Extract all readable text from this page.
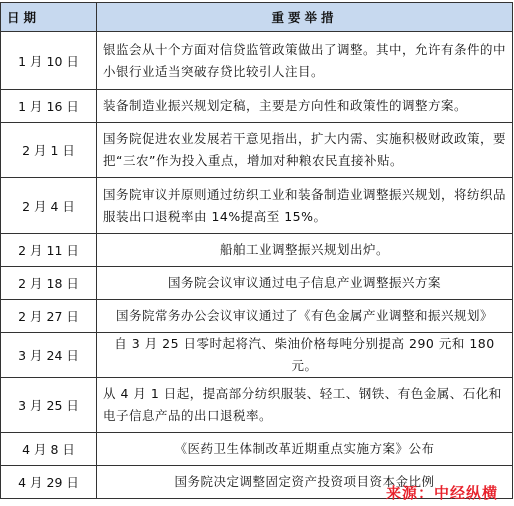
日期	重要举措
1 月 10 日	银监会从十个方面对信贷监管政策做出了调整。其中，允许有条件的中小银行业适当突破存贷比较引人注目。
1 月 16 日	装备制造业振兴规划定稿，主要是方向性和政策性的调整方案。
2 月 1 日	国务院促进农业发展若干意见指出，扩大内需、实施积极财政政策，要把“三农”作为投入重点，增加对种粮农民直接补贴。
2 月 4 日	国务院审议并原则通过纺织工业和装备制造业调整振兴规划，将纺织品服装出口退税率由 14%提高至 15%。
2 月 11 日	船舶工业调整振兴规划出炉。
2 月 18 日	国务院会议审议通过电子信息产业调整振兴方案
2 月 27 日	国务院常务办公会议审议通过了《有色金属产业调整和振兴规划》
3 月 24 日	自 3 月 25 日零时起将汽、柴油价格每吨分别提高 290 元和 180 元。
3 月 25 日	从 4 月 1 日起，提高部分纺织服装、轻工、钢铁、有色金属、石化和电子信息产品的出口退税率。
4 月 8 日	《医药卫生体制改革近期重点实施方案》公布
4 月 29 日	国务院决定调整固定资产投资项目资本金比例
来源：中经纵横
